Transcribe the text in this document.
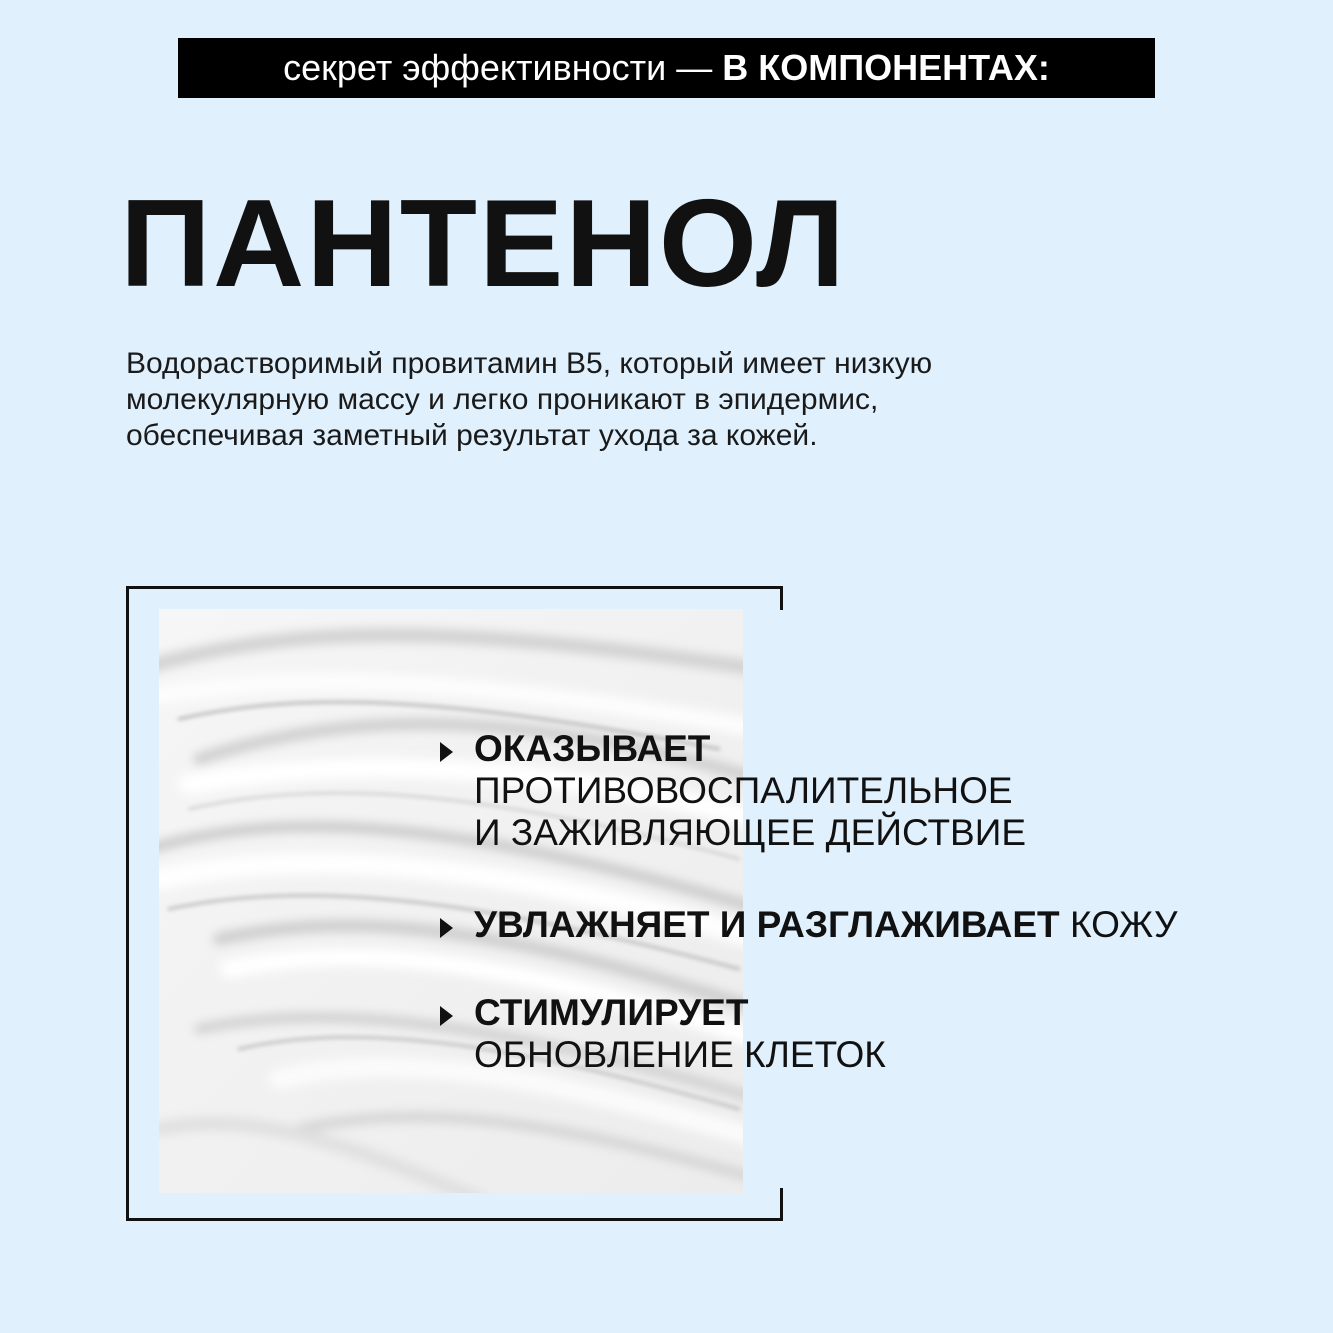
секрет эффективности — В КОМПОНЕНТАХ:
ПАНТЕНОЛ
Водорастворимый провитамин В5, который имеет низкую
молекулярную массу и легко проникают в эпидермис,
обеспечивая заметный результат ухода за кожей.
ОКАЗЫВАЕТ
ПРОТИВОВОСПАЛИТЕЛЬНОЕ
И ЗАЖИВЛЯЮЩЕЕ ДЕЙСТВИЕ
УВЛАЖНЯЕТ И РАЗГЛАЖИВАЕТ КОЖУ
СТИМУЛИРУЕТ
ОБНОВЛЕНИЕ КЛЕТОК
